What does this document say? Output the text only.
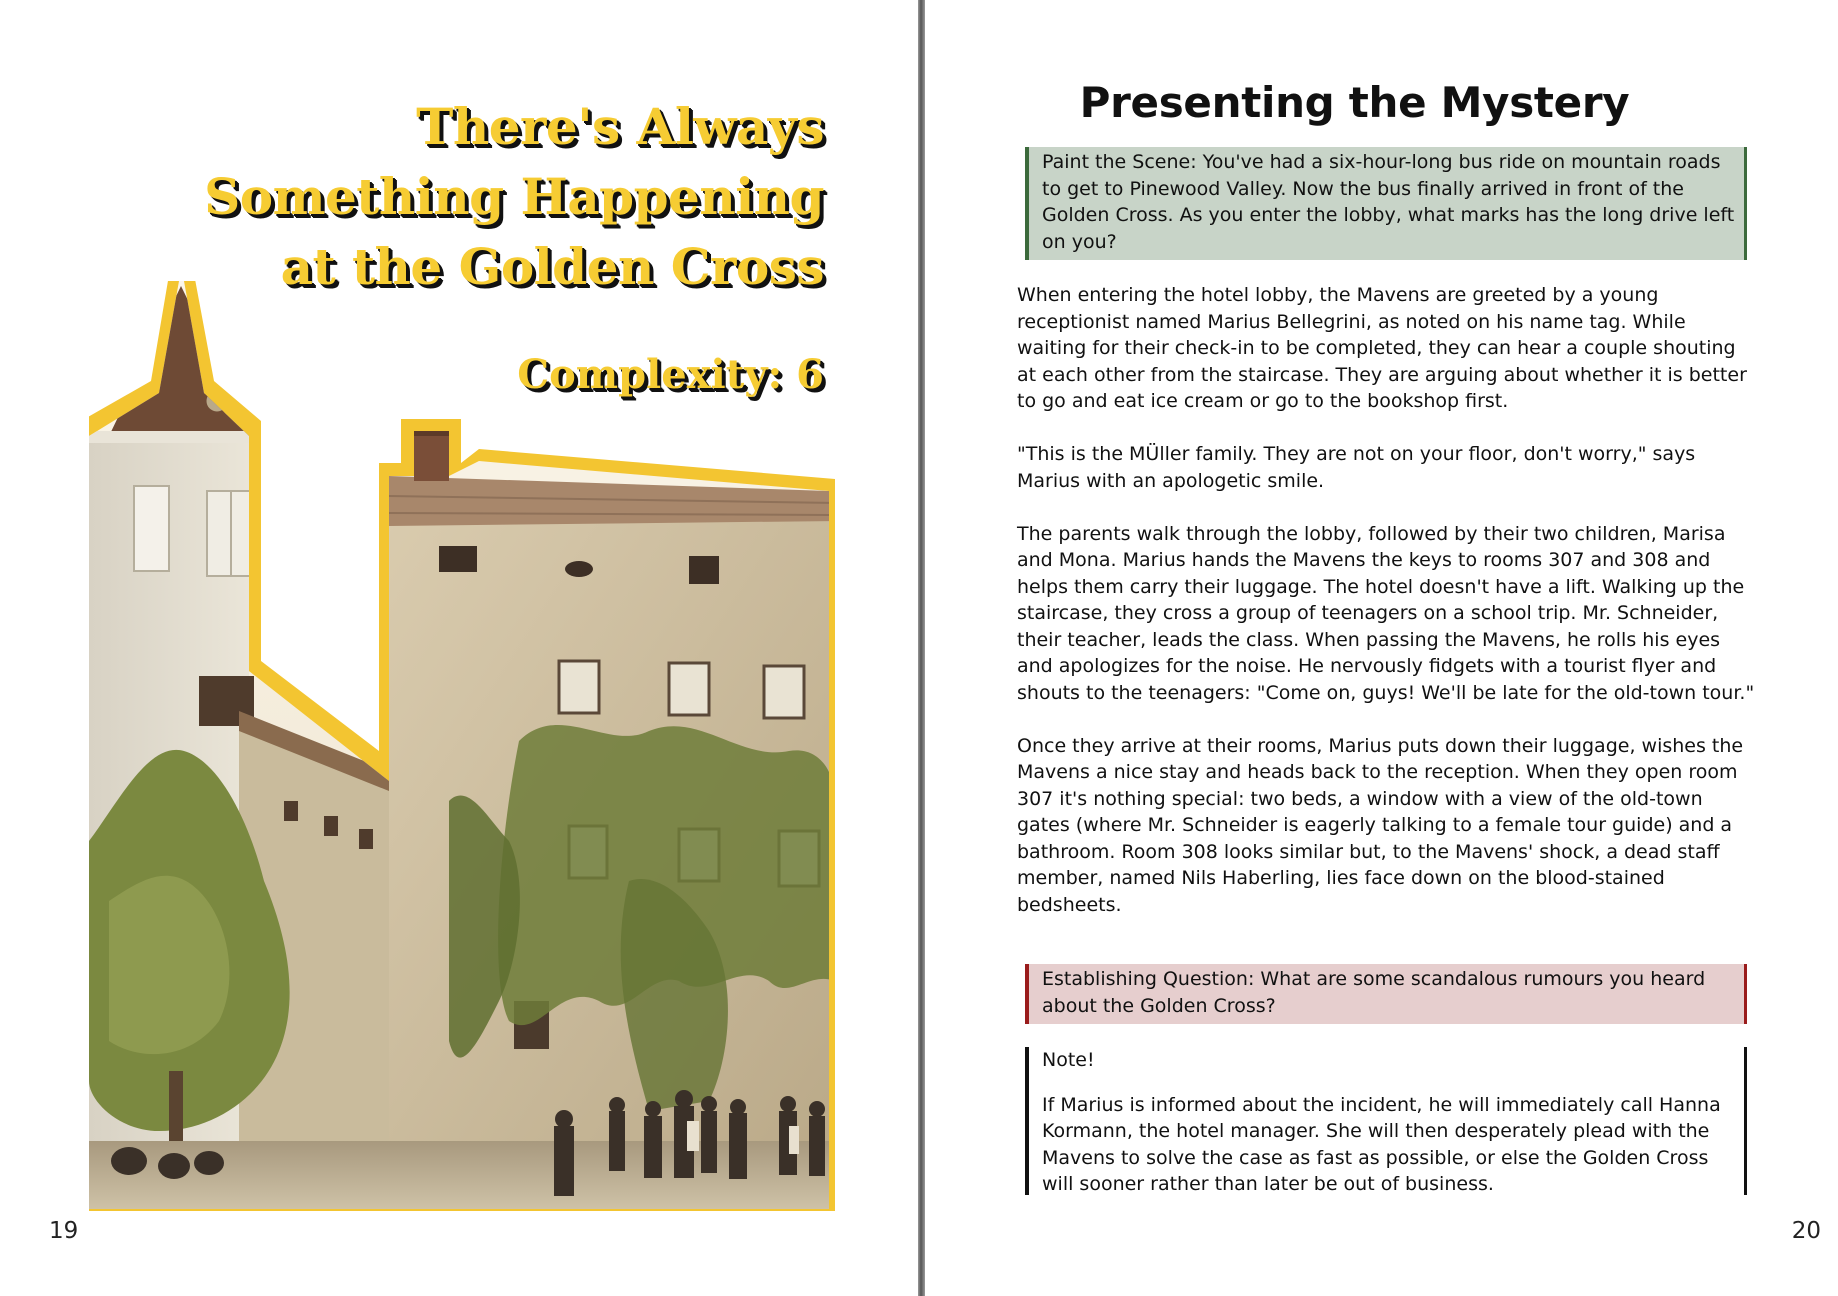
There's Always
Something Happening
at the Golden Cross
Complexity: 6
19
Presenting the Mystery
Paint the Scene: You've had a six-hour-long bus ride on mountain roads to get to Pinewood Valley. Now the bus finally arrived in front of the Golden Cross. As you enter the lobby, what marks has the long drive left on you?

When entering the hotel lobby, the Mavens are greeted by a young receptionist named Marius Bellegrini, as noted on his name tag. While waiting for their check-in to be completed, they can hear a couple shouting at each other from the staircase. They are arguing about whether it is better to go and eat ice cream or go to the bookshop first.

"This is the MÜller family. They are not on your floor, don't worry," says Marius with an apologetic smile.

The parents walk through the lobby, followed by their two children, Marisa and Mona. Marius hands the Mavens the keys to rooms 307 and 308 and helps them carry their luggage. The hotel doesn't have a lift. Walking up the staircase, they cross a group of teenagers on a school trip. Mr. Schneider, their teacher, leads the class. When passing the Mavens, he rolls his eyes and apologizes for the noise. He nervously fidgets with a tourist flyer and shouts to the teenagers: "Come on, guys! We'll be late for the old-town tour."

Once they arrive at their rooms, Marius puts down their luggage, wishes the Mavens a nice stay and heads back to the reception. When they open room 307 it's nothing special: two beds, a window with a view of the old-town gates (where Mr. Schneider is eagerly talking to a female tour guide) and a bathroom. Room 308 looks similar but, to the Mavens' shock, a dead staff member, named Nils Haberling, lies face down on the blood-stained bedsheets.

Establishing Question: What are some scandalous rumours you heard about the Golden Cross?

Note!

If Marius is informed about the incident, he will immediately call Hanna Kormann, the hotel manager. She will then desperately plead with the Mavens to solve the case as fast as possible, or else the Golden Cross will sooner rather than later be out of business.

20
